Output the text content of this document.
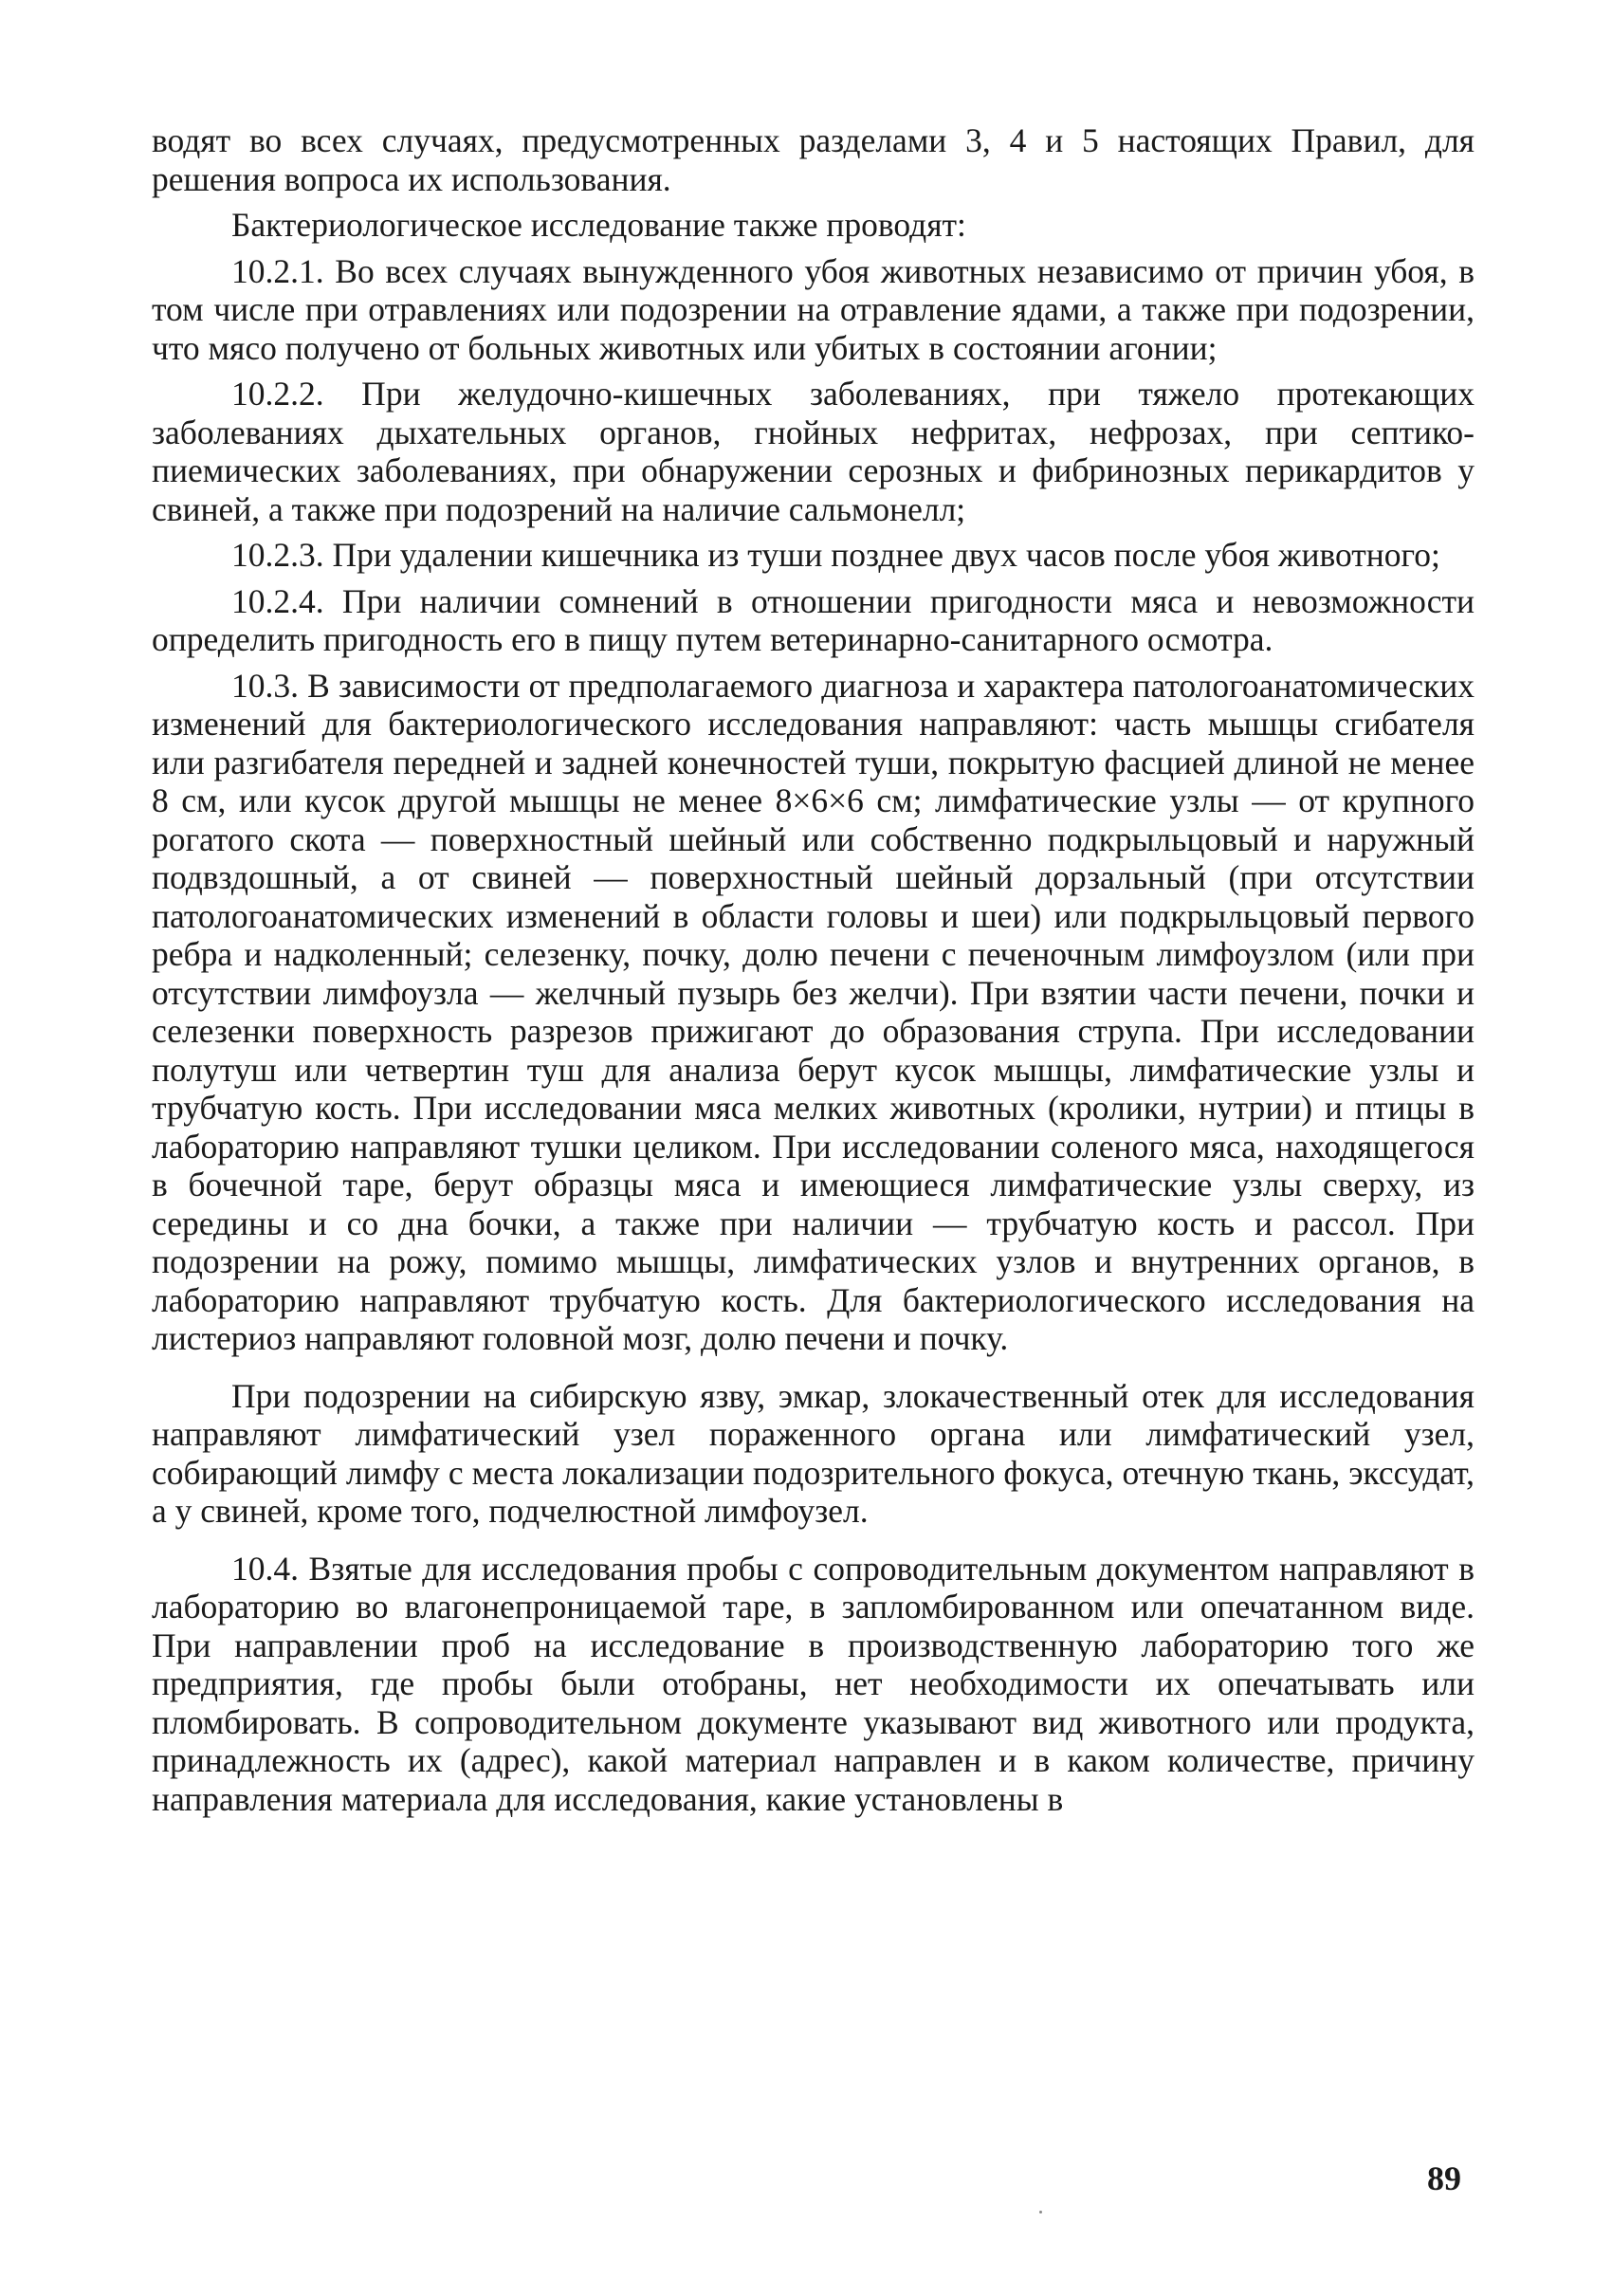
водят во всех случаях, предусмотренных разделами 3, 4 и 5 настоящих Правил, для решения вопроса их использования.

Бактериологическое исследование также проводят:

10.2.1. Во всех случаях вынужденного убоя животных независимо от причин убоя, в том числе при отравлениях или подозрении на отравление ядами, а также при подозрении, что мясо получено от больных животных или убитых в состоянии агонии;

10.2.2. При желудочно-кишечных заболеваниях, при тяжело протекающих заболеваниях дыхательных органов, гнойных нефритах, нефрозах, при септико-пиемических заболеваниях, при обнаружении серозных и фибринозных перикардитов у свиней, а также при подозрений на наличие сальмонелл;

10.2.3. При удалении кишечника из туши позднее двух часов после убоя животного;

10.2.4. При наличии сомнений в отношении пригодности мяса и невозможности определить пригодность его в пищу путем ветеринарно-санитарного осмотра.

10.3. В зависимости от предполагаемого диагноза и характера патологоанатомических изменений для бактериологического исследования направляют: часть мышцы сгибателя или разгибателя передней и задней конечностей туши, покрытую фасцией длиной не менее 8 см, или кусок другой мышцы не менее 8×6×6 см; лимфатические узлы — от крупного рогатого скота — поверхностный шейный или собственно подкрыльцовый и наружный подвздошный, а от свиней — поверхностный шейный дорзальный (при отсутствии патологоанатомических изменений в области головы и шеи) или подкрыльцовый первого ребра и надколенный; селезенку, почку, долю печени с печеночным лимфоузлом (или при отсутствии лимфоузла — желчный пузырь без желчи). При взятии части печени, почки и селезенки поверхность разрезов прижигают до образования струпа. При исследовании полутуш или четвертин туш для анализа берут кусок мышцы, лимфатические узлы и трубчатую кость. При исследовании мяса мелких животных (кролики, нутрии) и птицы в лабораторию направляют тушки целиком. При исследовании соленого мяса, находящегося в бочечной таре, берут образцы мяса и имеющиеся лимфатические узлы сверху, из середины и со дна бочки, а также при наличии — трубчатую кость и рассол. При подозрении на рожу, помимо мышцы, лимфатических узлов и внутренних органов, в лабораторию направляют трубчатую кость. Для бактериологического исследования на листериоз направляют головной мозг, долю печени и почку.

При подозрении на сибирскую язву, эмкар, злокачественный отек для исследования направляют лимфатический узел пораженного органа или лимфатический узел, собирающий лимфу с места локализации подозрительного фокуса, отечную ткань, экссудат, а у свиней, кроме того, подчелюстной лимфоузел.

10.4. Взятые для исследования пробы с сопроводительным документом направляют в лабораторию во влагонепроницаемой таре, в запломбированном или опечатанном виде. При направлении проб на исследование в производственную лабораторию того же предприятия, где пробы были отобраны, нет необходимости их опечатывать или пломбировать. В сопроводительном документе указывают вид животного или продукта, принадлежность их (адрес), какой материал направлен и в каком количестве, причину направления материала для исследования, какие установлены в

89
